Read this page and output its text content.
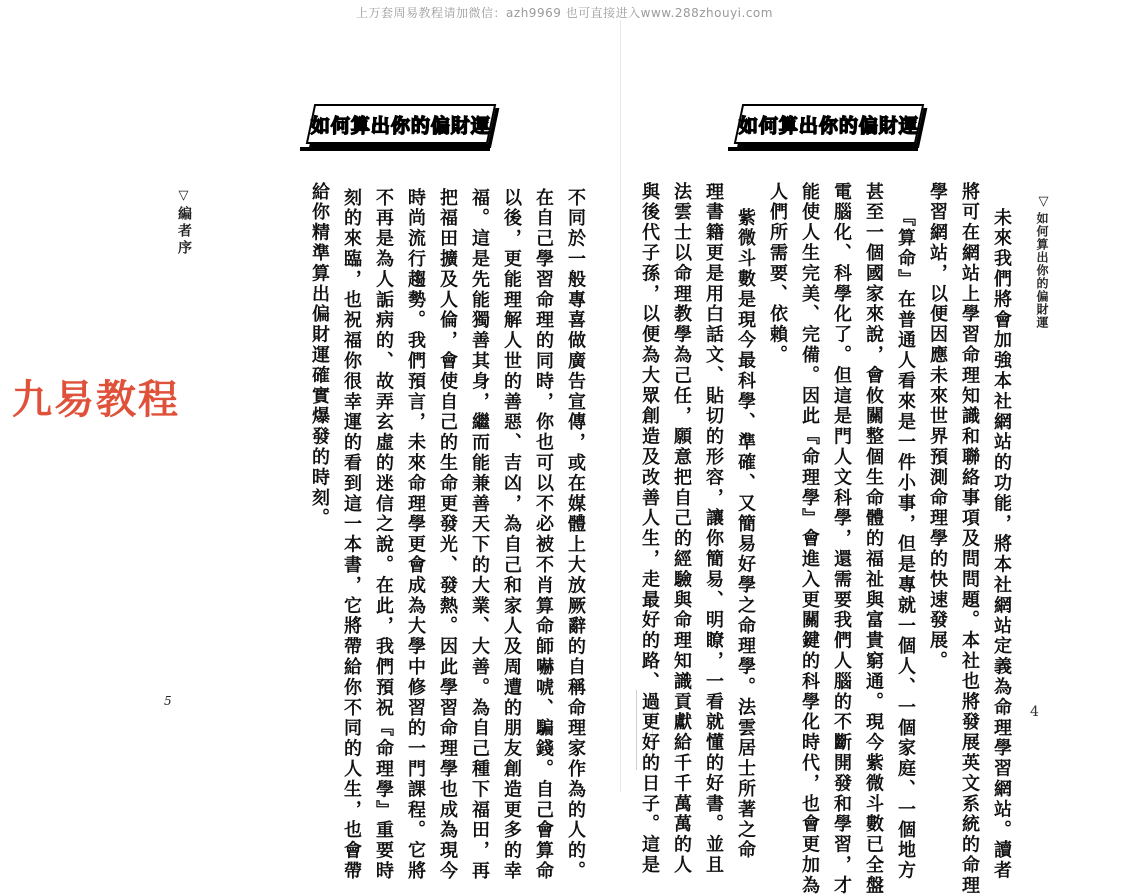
上万套周易教程请加微信：azh9969 也可直接进入www.288zhouyi.com
如何算出你的偏財運
▽
編者序
5	不同於一般專喜做廣告宣傳，或在媒體上大放厥辭的自稱命理家作為的人的。
在自己學習命理的同時，你也可以不必被不肖算命師嚇唬、騙錢。自己會算命
以後，更能理解人世的善惡、吉凶，為自己和家人及周遭的朋友創造更多的幸
福。這是先能獨善其身，繼而能兼善天下的大業、大善。為自己種下福田，再
把福田擴及人倫，會使自己的生命更發光、發熱。因此學習命理學也成為現今
時尚流行趨勢。我們預言，未來命理學更會成為大學中修習的一門課程。它將
不再是為人詬病的、故弄玄虛的迷信之說。在此，我們預祝『命理學』重要時
刻的來臨，也祝福你很幸運的看到這一本書，它將帶給你不同的人生，也會帶
給你精準算出偏財運確實爆發的時刻。
如何算出你的偏財運
▽
如何算出你的偏財運
4
未來我們將會加強本社網站的功能，將本社網站定義為命理學習網站。讀者
將可在網站上學習命理知識和聯絡事項及問問題。本社也將發展英文系統的命理
學習網站，以便因應未來世界預測命理學的快速發展。
『算命』在普通人看來是一件小事，但是專就一個人、一個家庭、一個地方
甚至一個國家來說，會攸關整個生命體的福祉與富貴窮通。現今紫微斗數已全盤
電腦化、科學化了。但這是門人文科學，還需要我們人腦的不斷開發和學習，才
能使人生完美、完備。因此『命理學』會進入更關鍵的科學化時代，也會更加為
人們所需要、依賴。
紫微斗數是現今最科學、準確、又簡易好學之命理學。法雲居士所著之命
理書籍更是用白話文、貼切的形容，讓你簡易、明瞭，一看就懂的好書。並且
法雲士以命理教學為己任，願意把自己的經驗與命理知識貢獻給千千萬萬的人
與後代子孫，以便為大眾創造及改善人生，走最好的路、過更好的日子。這是
九易教程
